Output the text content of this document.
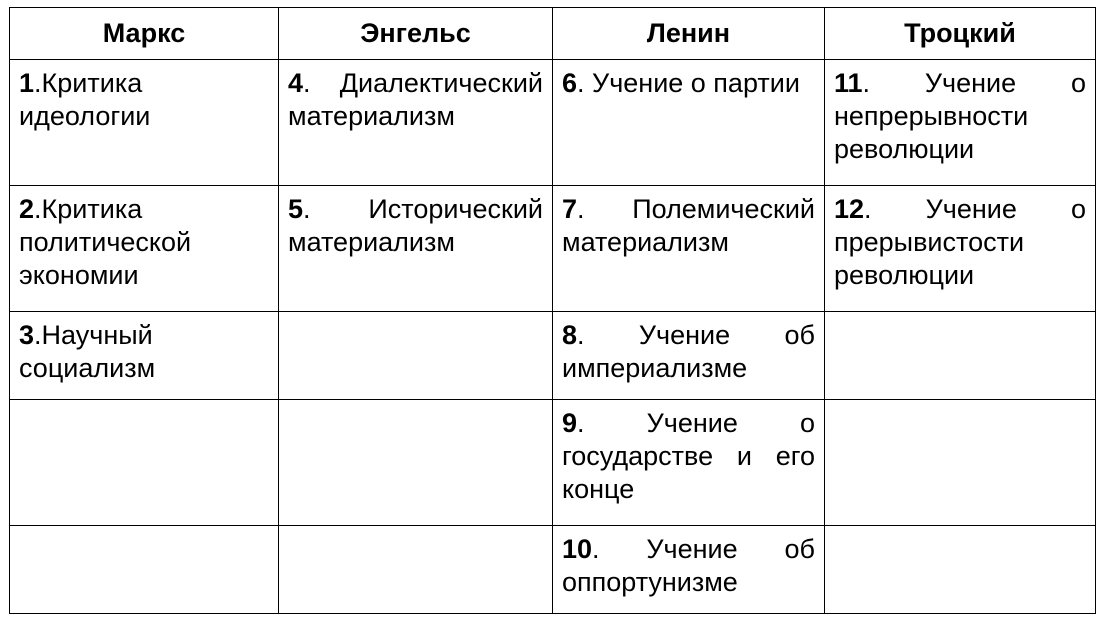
Маркс	Энгельс	Ленин	Троцкий
1.Критика идеологии	4. Диалектический материализм	6. Учение о партии	11. Учение о непрерывности революции
2.Критика политической экономии	5. Исторический материализм	7. Полемический материализм	12. Учение о прерывистости революции
3.Научный социализм		8. Учение об империализме	
		9. Учение о государстве и его конце	
		10. Учение об оппортунизме	
